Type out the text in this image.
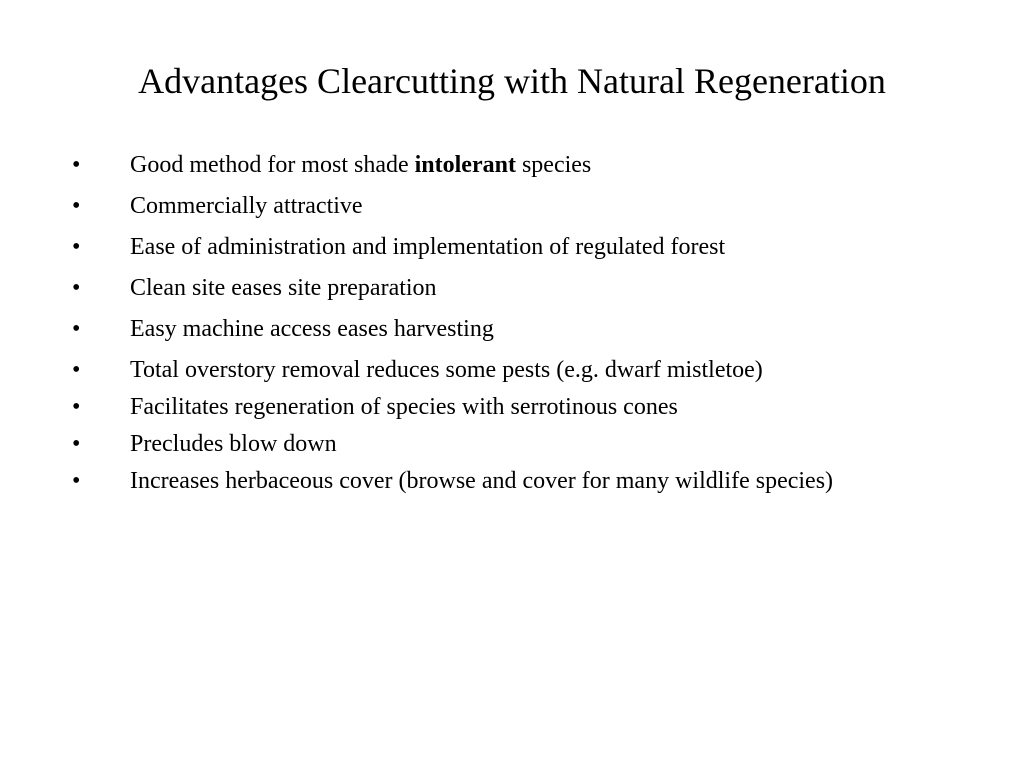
Advantages Clearcutting with Natural Regeneration
• Good method for most shade intolerant species
• Commercially attractive
• Ease of administration and implementation of regulated forest
• Clean site eases site preparation
• Easy machine access eases harvesting
• Total overstory removal reduces some pests (e.g. dwarf mistletoe)
• Facilitates regeneration of species with serrotinous cones
• Precludes blow down
• Increases herbaceous cover (browse and cover for many wildlife species)
